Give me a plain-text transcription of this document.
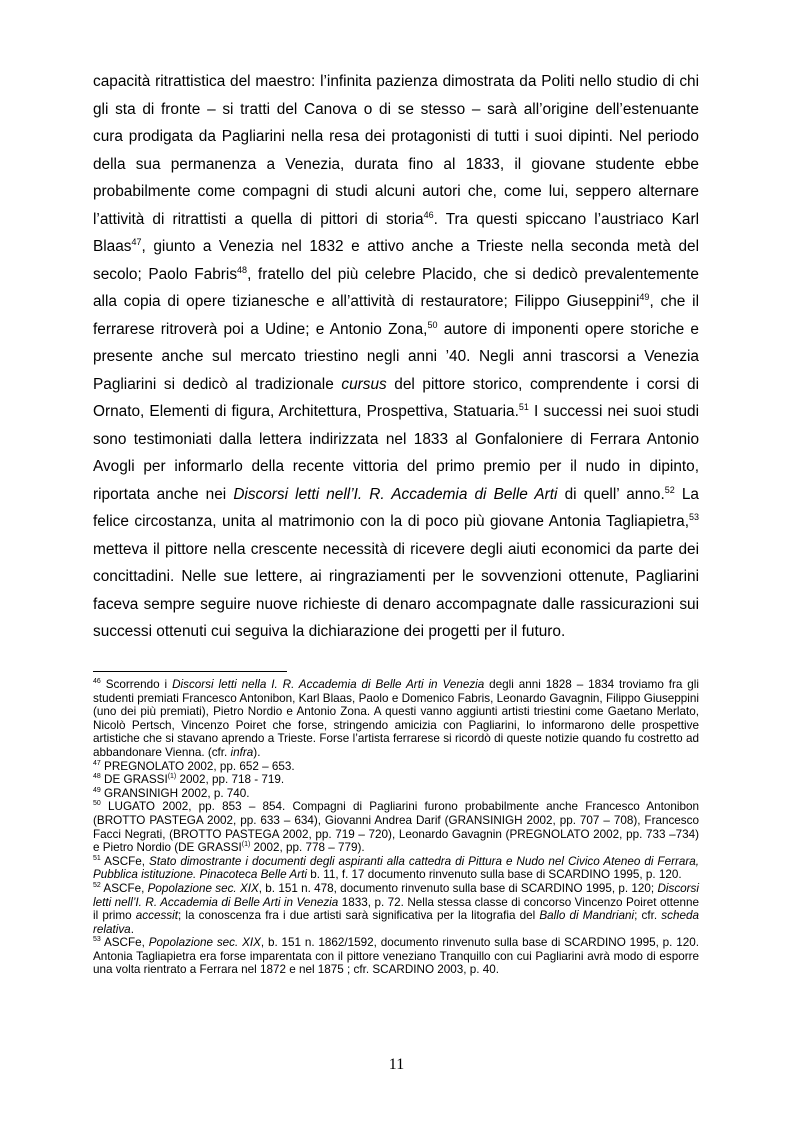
capacità ritrattistica del maestro: l’infinita pazienza dimostrata da Politi nello studio di chi
gli sta di fronte – si tratti del Canova o di se stesso – sarà all’origine dell’estenuante
cura prodigata da Pagliarini nella resa dei protagonisti di tutti i suoi dipinti. Nel periodo
della sua permanenza a Venezia, durata fino al 1833, il giovane studente ebbe
probabilmente come compagni di studi alcuni autori che, come lui, seppero alternare
l’attività di ritrattisti a quella di pittori di storia$^{46}$. Tra questi spiccano l’austriaco Karl
Blaas$^{47}$, giunto a Venezia nel 1832 e attivo anche a Trieste nella seconda metà del
secolo; Paolo Fabris$^{48}$, fratello del più celebre Placido, che si dedicò prevalentemente
alla copia di opere tizianesche e all’attività di restauratore; Filippo Giuseppini$^{49}$, che il
ferrarese ritroverà poi a Udine; e Antonio Zona,$^{50}$ autore di imponenti opere storiche e
presente anche sul mercato triestino negli anni ’40. Negli anni trascorsi a Venezia
Pagliarini si dedicò al tradizionale cursus del pittore storico, comprendente i corsi di
Ornato, Elementi di figura, Architettura, Prospettiva, Statuaria.$^{51}$ I successi nei suoi studi
sono testimoniati dalla lettera indirizzata nel 1833 al Gonfaloniere di Ferrara Antonio
Avogli per informarlo della recente vittoria del primo premio per il nudo in dipinto,
riportata anche nei Discorsi letti nell’I. R. Accademia di Belle Arti di quell’ anno.$^{52}$ La
felice circostanza, unita al matrimonio con la di poco più giovane Antonia Tagliapietra,$^{53}$
metteva il pittore nella crescente necessità di ricevere degli aiuti economici da parte dei
concittadini. Nelle sue lettere, ai ringraziamenti per le sovvenzioni ottenute, Pagliarini
faceva sempre seguire nuove richieste di denaro accompagnate dalle rassicurazioni sui
successi ottenuti cui seguiva la dichiarazione dei progetti per il futuro.

$^{46}$ Scorrendo i Discorsi letti nella I. R. Accademia di Belle Arti in Venezia degli anni 1828 – 1834 troviamo fra gli studenti premiati Francesco Antonibon, Karl Blaas, Paolo e Domenico Fabris, Leonardo Gavagnin, Filippo Giuseppini (uno dei più premiati), Pietro Nordio e Antonio Zona. A questi vanno aggiunti artisti triestini come Gaetano Merlato, Nicolò Pertsch, Vincenzo Poiret che forse, stringendo amicizia con Pagliarini, lo informarono delle prospettive artistiche che si stavano aprendo a Trieste. Forse l’artista ferrarese si ricordò di queste notizie quando fu costretto ad abbandonare Vienna. (cfr. infra).

$^{47}$ PREGNOLATO 2002, pp. 652 – 653.

$^{48}$ DE GRASSI$^{(1)}$ 2002, pp. 718 - 719.

$^{49}$ GRANSINIGH 2002, p. 740.

$^{50}$ LUGATO 2002, pp. 853 – 854. Compagni di Pagliarini furono probabilmente anche Francesco Antonibon (BROTTO PASTEGA 2002, pp. 633 – 634), Giovanni Andrea Darif (GRANSINIGH 2002, pp. 707 – 708), Francesco Facci Negrati, (BROTTO PASTEGA 2002, pp. 719 – 720), Leonardo Gavagnin (PREGNOLATO 2002, pp. 733 –734) e Pietro Nordio (DE GRASSI$^{(1)}$ 2002, pp. 778 – 779).

$^{51}$ ASCFe, Stato dimostrante i documenti degli aspiranti alla cattedra di Pittura e Nudo nel Civico Ateneo di Ferrara, Pubblica istituzione. Pinacoteca Belle Arti b. 11, f. 17 documento rinvenuto sulla base di SCARDINO 1995, p. 120.

$^{52}$ ASCFe, Popolazione sec. XIX, b. 151 n. 478, documento rinvenuto sulla base di SCARDINO 1995, p. 120; Discorsi letti nell’I. R. Accademia di Belle Arti in Venezia 1833, p. 72. Nella stessa classe di concorso Vincenzo Poiret ottenne il primo accessit; la conoscenza fra i due artisti sarà significativa per la litografia del Ballo di Mandriani; cfr. scheda relativa.

$^{53}$ ASCFe, Popolazione sec. XIX, b. 151 n. 1862/1592, documento rinvenuto sulla base di SCARDINO 1995, p. 120. Antonia Tagliapietra era forse imparentata con il pittore veneziano Tranquillo con cui Pagliarini avrà modo di esporre una volta rientrato a Ferrara nel 1872 e nel 1875 ; cfr. SCARDINO 2003, p. 40.

11
